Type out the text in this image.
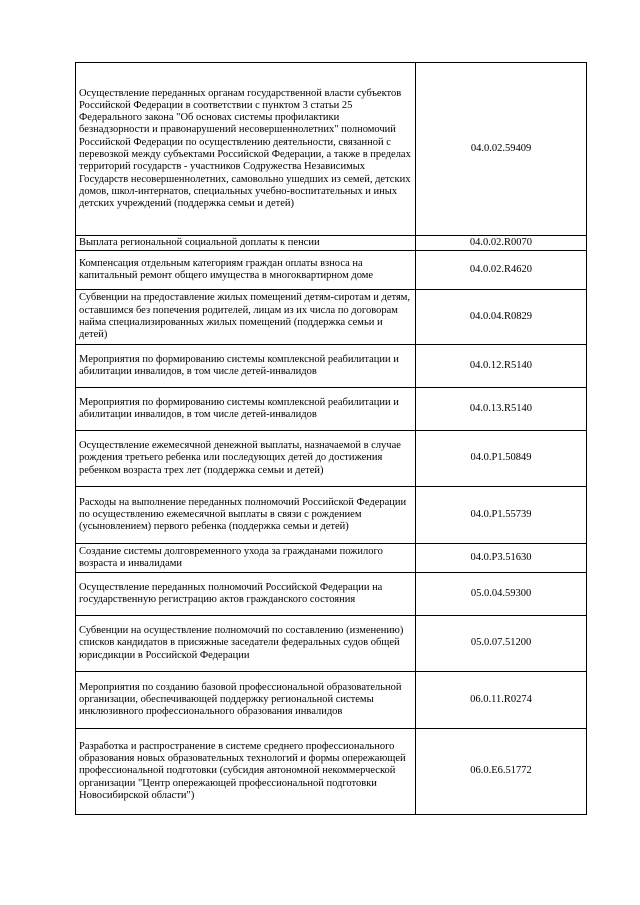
Осуществление переданных органам государственной власти субъектов Российской Федерации в соответствии с пунктом 3 статьи 25 Федерального закона "Об основах системы профилактики безнадзорности и правонарушений несовершеннолетних" полномочий Российской Федерации по осуществлению деятельности, связанной с перевозкой между субъектами Российской Федерации, а также в пределах территорий государств - участников Содружества Независимых Государств несовершеннолетних, самовольно ушедших из семей, детских домов, школ-интернатов, специальных учебно-воспитательных и иных детских учреждений (поддержка семьи и детей)	04.0.02.59409
Выплата региональной социальной доплаты к пенсии	04.0.02.R0070
Компенсация отдельным категориям граждан оплаты взноса на капитальный ремонт общего имущества в многоквартирном доме	04.0.02.R4620
Субвенции на предоставление жилых помещений детям-сиротам и детям, оставшимся без попечения родителей, лицам из их числа по договорам найма специализированных жилых помещений (поддержка семьи и детей)	04.0.04.R0829
Мероприятия по формированию системы комплексной реабилитации и абилитации инвалидов, в том числе детей-инвалидов	04.0.12.R5140
Мероприятия по формированию системы комплексной реабилитации и абилитации инвалидов, в том числе детей-инвалидов	04.0.13.R5140
Осуществление ежемесячной денежной выплаты, назначаемой в случае рождения третьего ребенка или последующих детей до достижения ребенком возраста трех лет (поддержка семьи и детей)	04.0.P1.50849
Расходы на выполнение переданных полномочий Российской Федерации по осуществлению ежемесячной выплаты в связи с рождением (усыновлением) первого ребенка (поддержка семьи и детей)	04.0.P1.55739
Создание системы долговременного ухода за гражданами пожилого возраста и инвалидами	04.0.P3.51630
Осуществление переданных полномочий Российской Федерации на государственную регистрацию актов гражданского состояния	05.0.04.59300
Субвенции на осуществление полномочий по составлению (изменению) списков кандидатов в присяжные заседатели федеральных судов общей юрисдикции в Российской Федерации	05.0.07.51200
Мероприятия по созданию базовой профессиональной образовательной организации, обеспечивающей поддержку региональной системы инклюзивного профессионального образования инвалидов	06.0.11.R0274
Разработка и распространение в системе среднего профессионального образования новых образовательных технологий и формы опережающей профессиональной подготовки (субсидия автономной некоммерческой организации "Центр опережающей профессиональной подготовки Новосибирской области")	06.0.E6.51772
